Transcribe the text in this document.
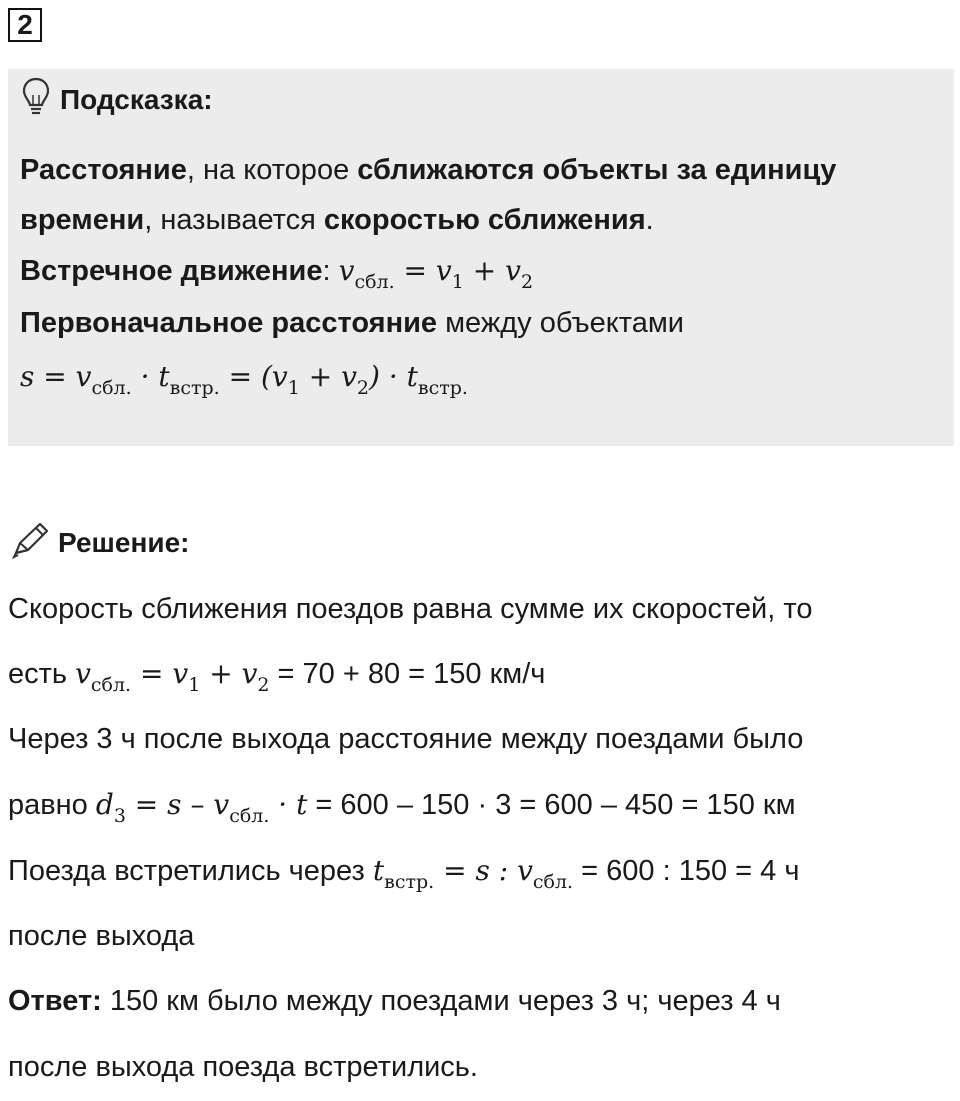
2
Подсказка:
Расстояние, на которое сближаются объекты за единицу
времени, называется скоростью сближения.
Встречное движение: $v_{сбл.} = v_1 + v_2$
Первоначальное расстояние между объектами
$s = v_{сбл.} \cdot t_{встр.} = (v_1 + v_2) \cdot t_{встр.}$
Решение:
Скорость сближения поездов равна сумме их скоростей, то
есть $v_{сбл.} = v_1 + v_2 = 70 + 80 = 150$ км/ч
Через 3 ч после выхода расстояние между поездами было
равно $d_3 = s - v_{сбл.} \cdot t = 600 - 150 \cdot 3 = 600 - 450 = 150$ км
Поезда встретились через $t_{встр.} = s$ : $v_{сбл.} = 600$ : 150 = 4 ч
после выхода
Ответ: 150 км было между поездами через 3 ч; через 4 ч
после выхода поезда встретились.
